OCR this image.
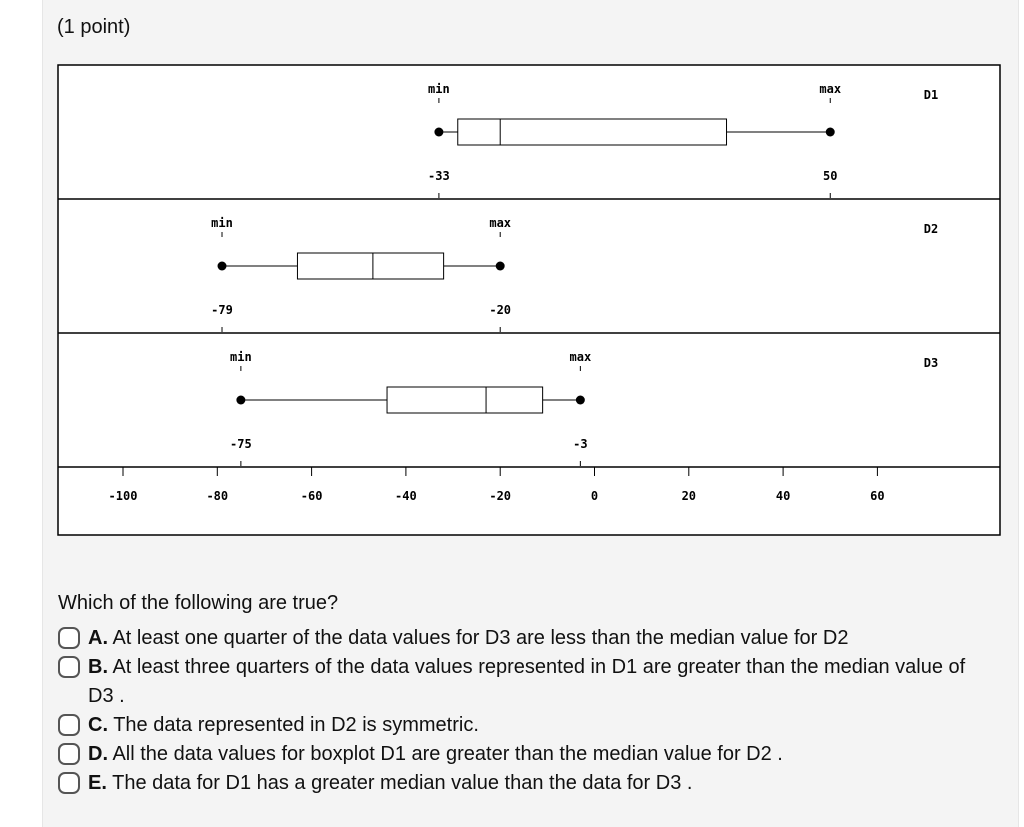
(1 point)
D1
min	max
-33	50
D2
min	max
-79	-20
D3
min	max
-75	-3
-100	-80	-60	-40	-20	0	20	40	60
Which of the following are true?
A. At least one quarter of the data values for D3 are less than the median value for D2
B. At least three quarters of the data values represented in D1 are greater than the median value of D3 .
C. The data represented in D2 is symmetric.
D. All the data values for boxplot D1 are greater than the median value for D2 .
E. The data for D1 has a greater median value than the data for D3 .
